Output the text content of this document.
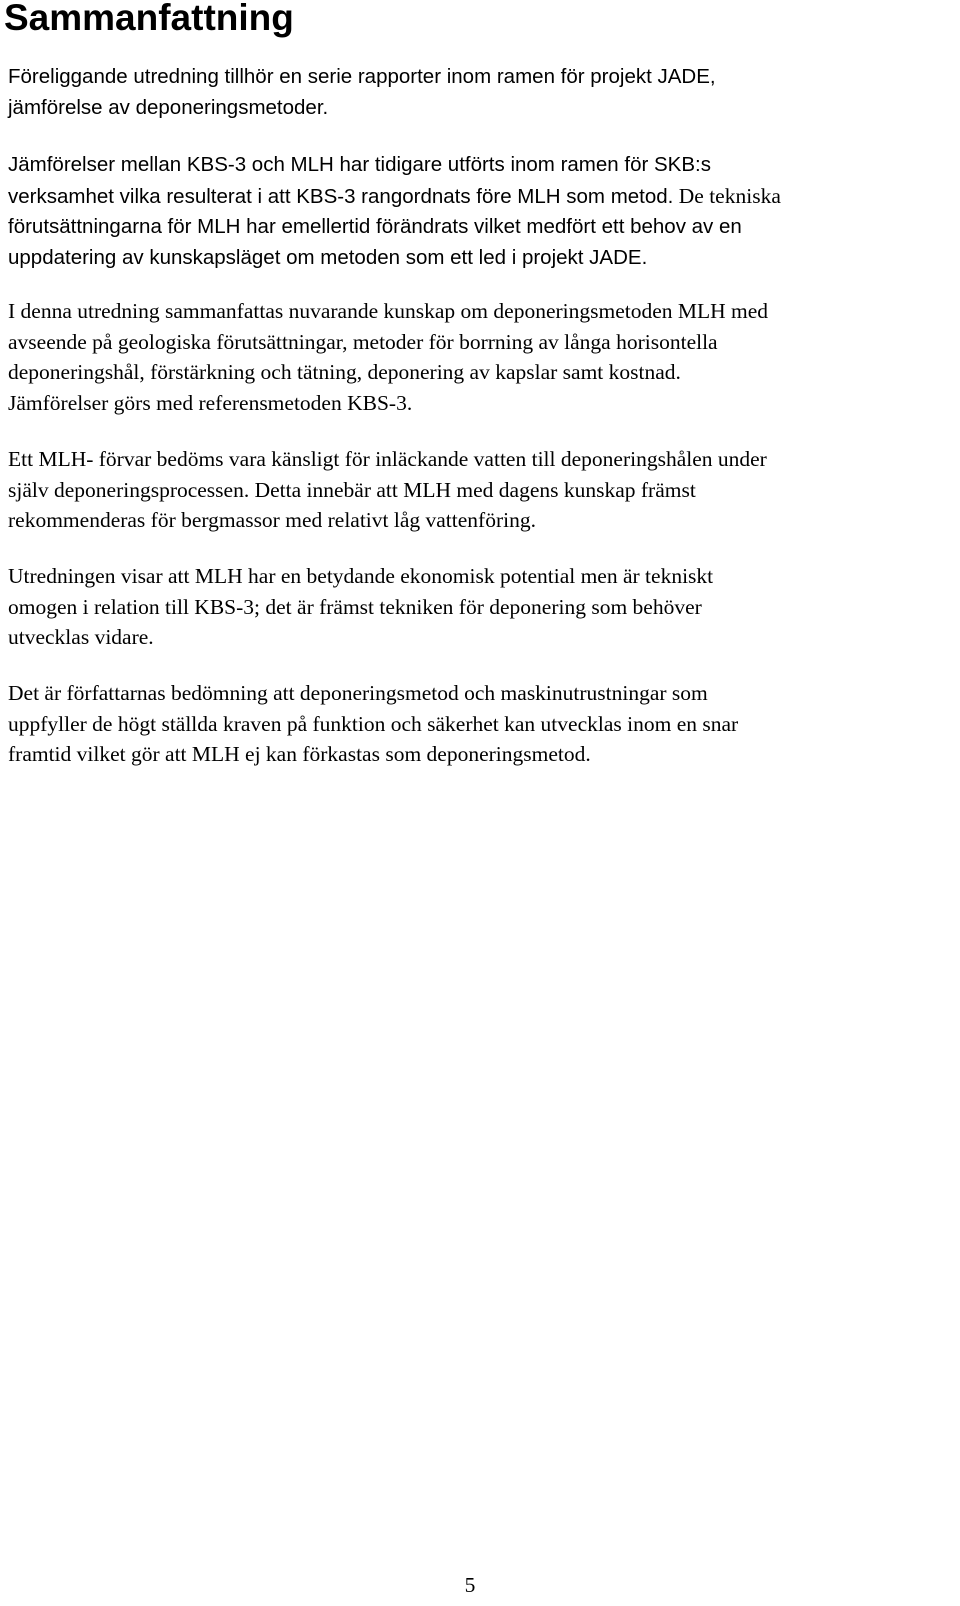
Sammanfattning

Föreliggande utredning tillhör en serie rapporter inom ramen för projekt JADE,
jämförelse av deponeringsmetoder.

Jämförelser mellan KBS-3 och MLH har tidigare utförts inom ramen för SKB:s
verksamhet vilka resulterat i att KBS-3 rangordnats före MLH som metod. De tekniska
förutsättningarna för MLH har emellertid förändrats vilket medfört ett behov av en
uppdatering av kunskapsläget om metoden som ett led i projekt JADE.

I denna utredning sammanfattas nuvarande kunskap om deponeringsmetoden MLH med
avseende på geologiska förutsättningar, metoder för borrning av långa horisontella
deponeringshål, förstärkning och tätning, deponering av kapslar samt kostnad.
Jämförelser görs med referensmetoden KBS-3.

Ett MLH- förvar bedöms vara känsligt för inläckande vatten till deponeringshålen under
själv deponeringsprocessen. Detta innebär att MLH med dagens kunskap främst
rekommenderas för bergmassor med relativt låg vattenföring.

Utredningen visar att MLH har en betydande ekonomisk potential men är tekniskt
omogen i relation till KBS-3; det är främst tekniken för deponering som behöver
utvecklas vidare.

Det är författarnas bedömning att deponeringsmetod och maskinutrustningar som
uppfyller de högt ställda kraven på funktion och säkerhet kan utvecklas inom en snar
framtid vilket gör att MLH ej kan förkastas som deponeringsmetod.

5
